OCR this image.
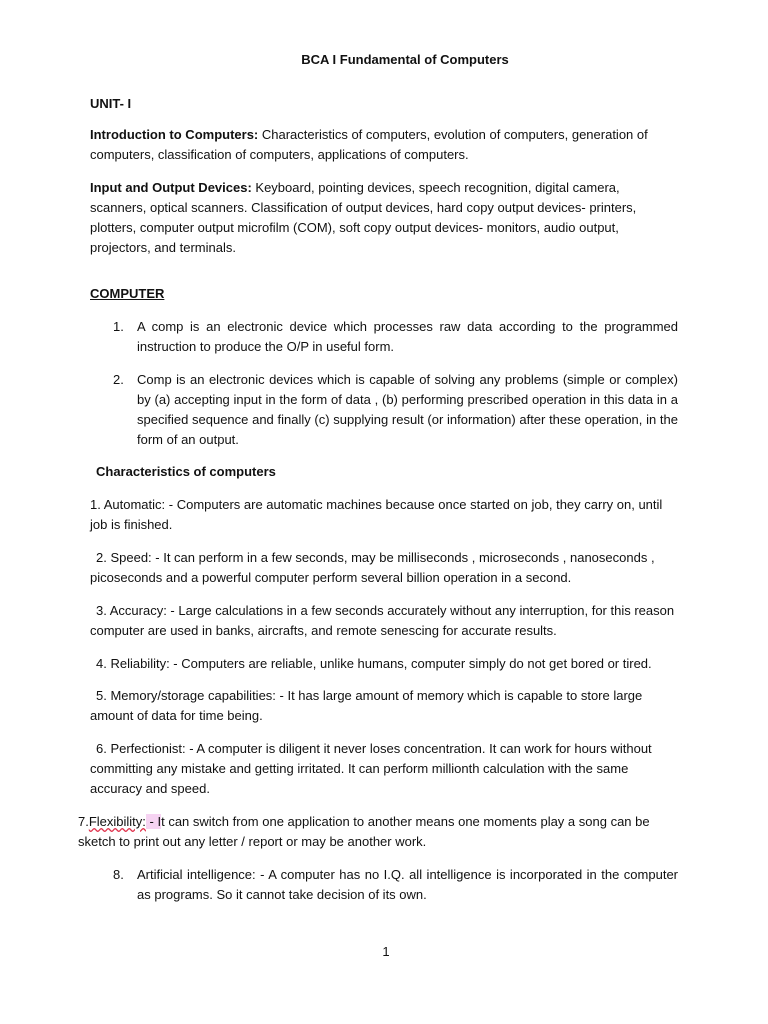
BCA I Fundamental of Computers
UNIT- I
Introduction to Computers: Characteristics of computers, evolution of computers, generation of computers, classification of computers, applications of computers.
Input and Output Devices: Keyboard, pointing devices, speech recognition, digital camera, scanners, optical scanners. Classification of output devices, hard copy output devices- printers, plotters, computer output microfilm (COM), soft copy output devices- monitors, audio output, projectors, and terminals.
COMPUTER
1. A comp is an electronic device which processes raw data according to the programmed instruction to produce the O/P in useful form.
2. Comp is an electronic devices which is capable of solving any problems (simple or complex) by (a) accepting input in the form of data , (b) performing prescribed operation in this data in a specified sequence and finally (c) supplying result (or information) after these operation, in the form of an output.
Characteristics of computers
1. Automatic: - Computers are automatic machines because once started on job, they carry on, until job is finished.
2. Speed: - It can perform in a few seconds, may be milliseconds , microseconds , nanoseconds , picoseconds and a powerful computer perform several billion operation in a second.
3. Accuracy: - Large calculations in a few seconds accurately without any interruption, for this reason computer are used in banks, aircrafts, and remote senescing for accurate results.
4. Reliability: - Computers are reliable, unlike humans, computer simply do not get bored or tired.
5. Memory/storage capabilities: - It has large amount of memory which is capable to store large amount of data for time being.
6. Perfectionist: - A computer is diligent it never loses concentration. It can work for hours without committing any mistake and getting irritated. It can perform millionth calculation with the same accuracy and speed.
7.Flexibility: - It can switch from one application to another means one moments play a song can be sketch to print out any letter / report or may be another work.
8. Artificial intelligence: - A computer has no I.Q. all intelligence is incorporated in the computer as programs. So it cannot take decision of its own.
1
